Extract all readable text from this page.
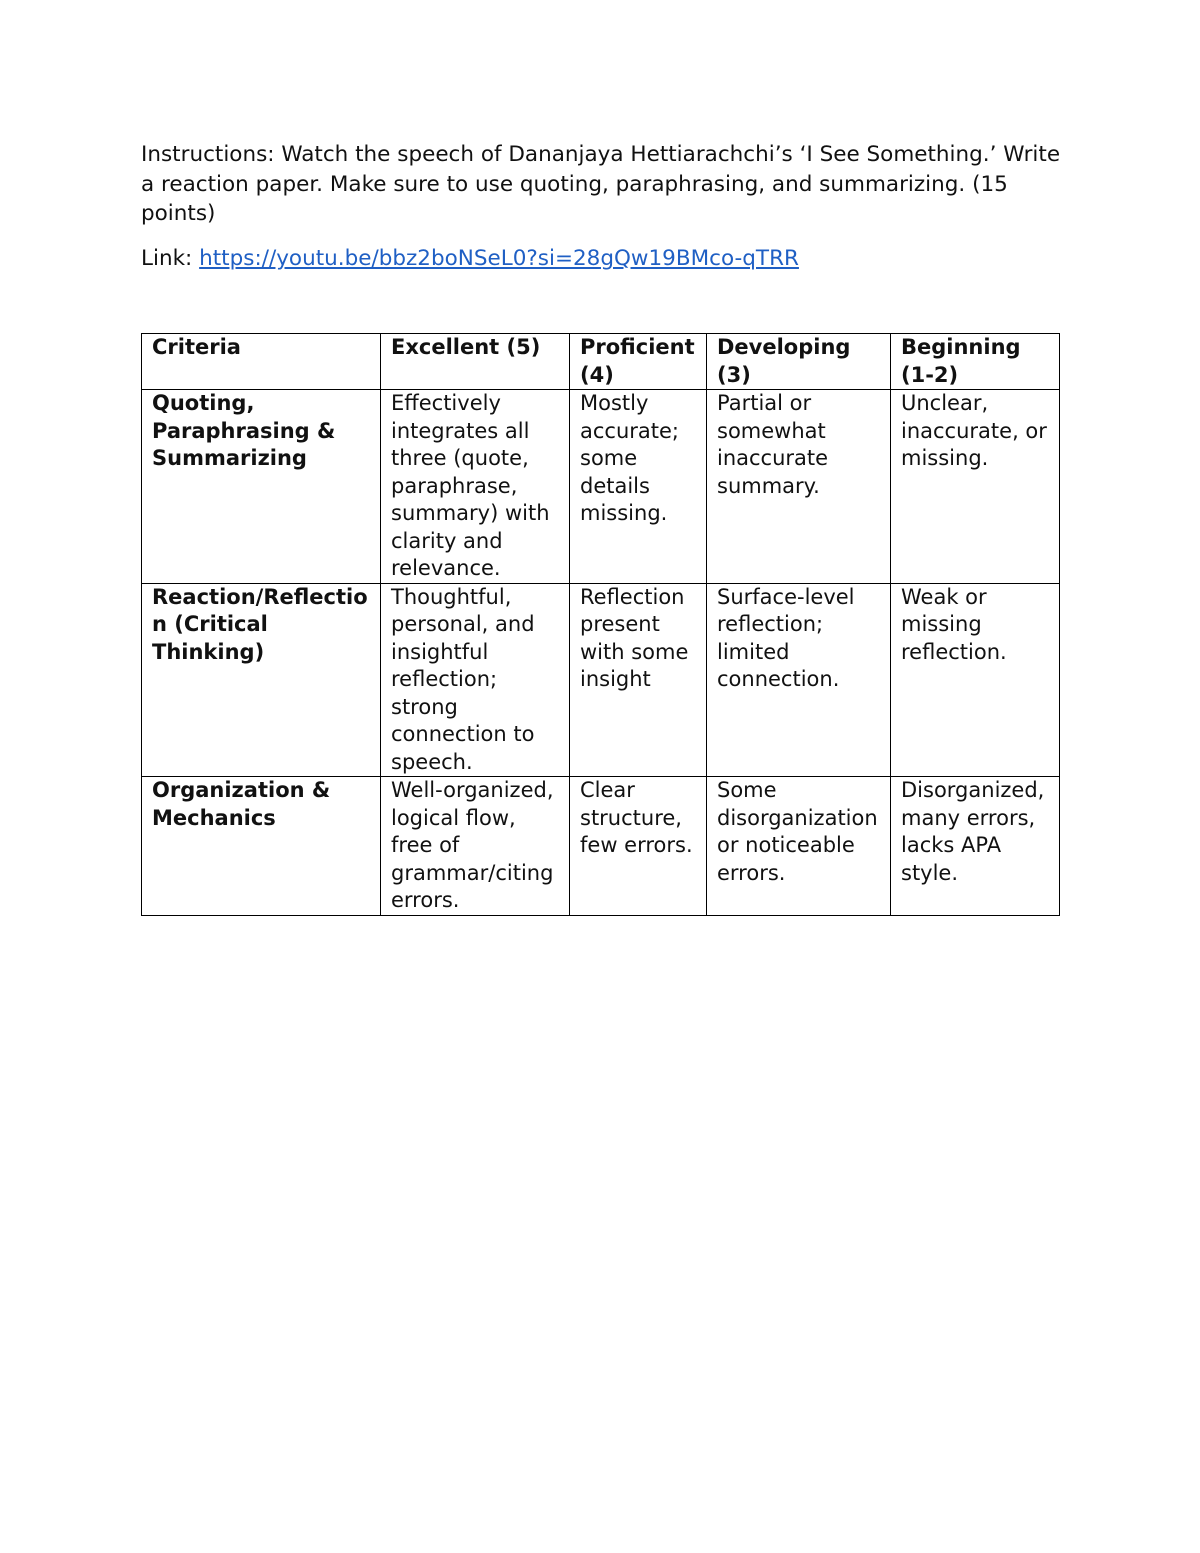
Instructions: Watch the speech of Dananjaya Hettiarachchi’s ‘I See Something.’ Write a reaction paper. Make sure to use quoting, paraphrasing, and summarizing. (15 points)

Link: https://youtu.be/bbz2boNSeL0?si=28gQw19BMco-qTRR

Criteria	Excellent (5)	Proficient (4)	Developing (3)	Beginning (1-2)
Quoting, Paraphrasing & Summarizing	Effectively integrates all three (quote, paraphrase, summary) with clarity and relevance.	Mostly accurate; some details missing.	Partial or somewhat inaccurate summary.	Unclear, inaccurate, or missing.
Reaction/Reflection (Critical Thinking)	Thoughtful, personal, and insightful reflection; strong connection to speech.	Reflection present with some insight	Surface-level reflection; limited connection.	Weak or missing reflection.
Organization & Mechanics	Well-organized, logical flow, free of grammar/citing errors.	Clear structure, few errors.	Some disorganization or noticeable errors.	Disorganized, many errors, lacks APA style.
